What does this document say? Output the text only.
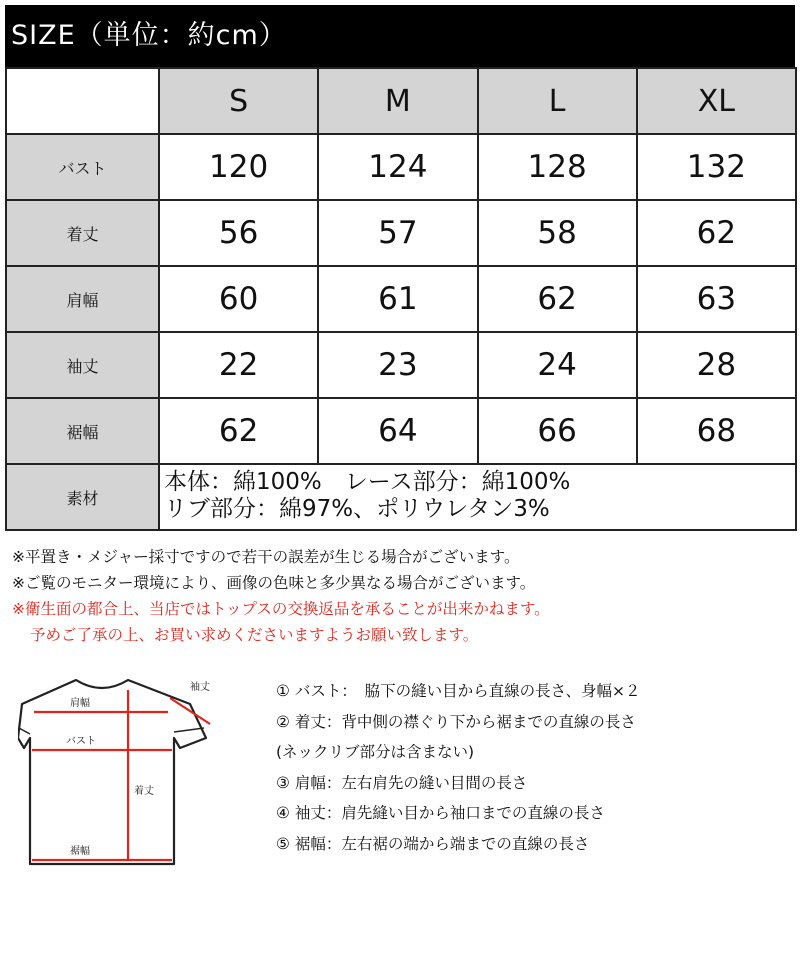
SIZE（単位：約cm）
	S	M	L	XL
バスト	120	124	128	132
着丈	56	57	58	62
肩幅	60	61	62	63
袖丈	22	23	24	28
裾幅	62	64	66	68
素材	本体：綿100%　レース部分：綿100%
リブ部分：綿97%、ポリウレタン3%			
※平置き・メジャー採寸ですので若干の誤差が生じる場合がございます。
※ご覧のモニター環境により、画像の色味と多少異なる場合がございます。
※衛生面の都合上、当店ではトップスの交換返品を承ることが出来かねます。
予めご了承の上、お買い求めくださいますようお願い致します。
肩幅
袖丈
バスト
着丈
裾幅
① バスト：　脇下の縫い目から直線の長さ、身幅×２
② 着丈：背中側の襟ぐり下から裾までの直線の長さ
(ネックリブ部分は含まない)
③ 肩幅：左右肩先の縫い目間の長さ
④ 袖丈：肩先縫い目から袖口までの直線の長さ
⑤ 裾幅：左右裾の端から端までの直線の長さ
